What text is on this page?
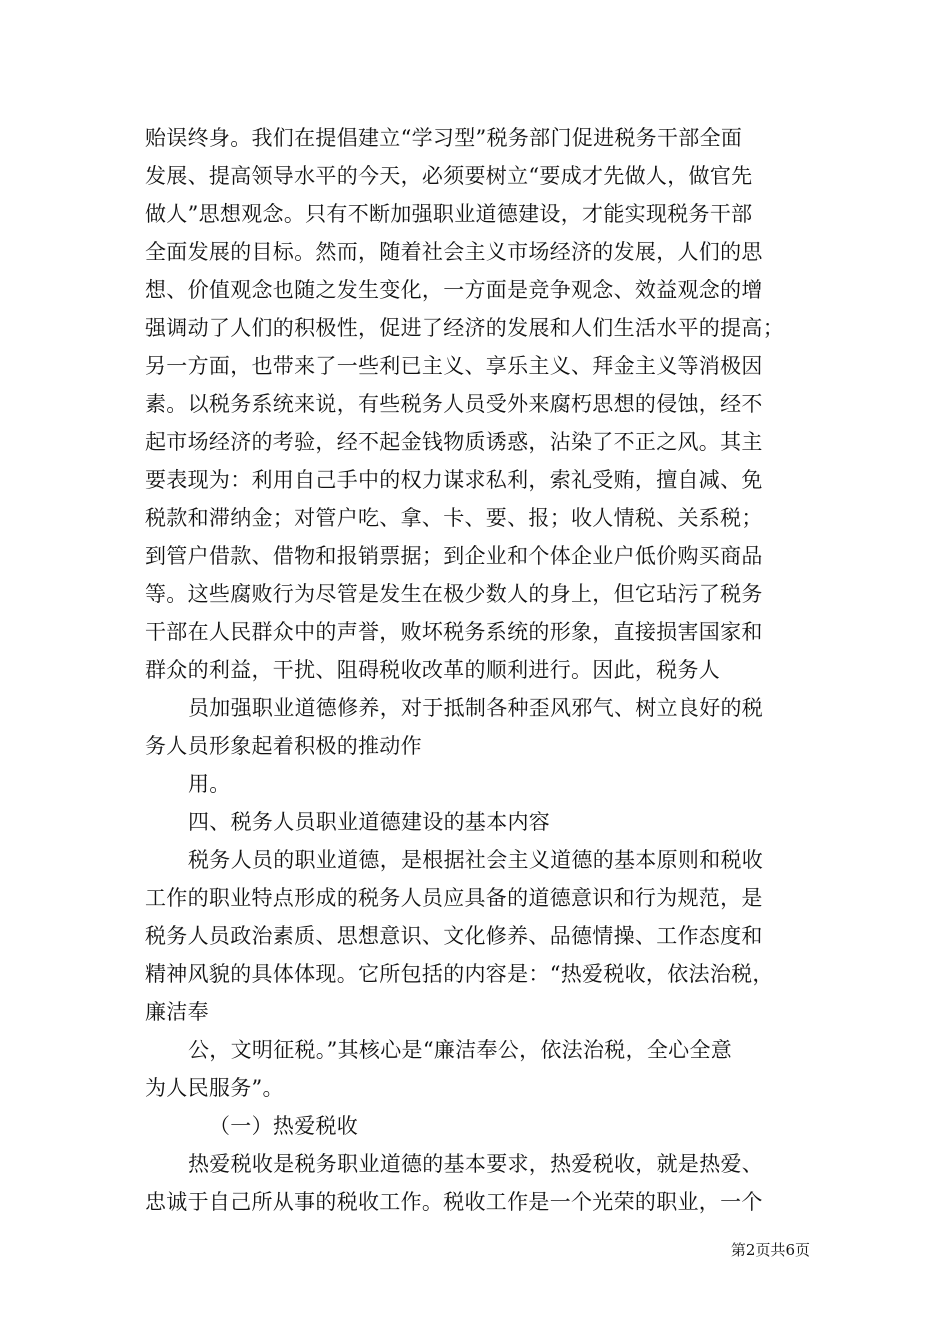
贻误终身。我们在提倡建立“学习型”税务部门促进税务干部全面
发展、提高领导水平的今天，必须要树立“要成才先做人，做官先
做人”思想观念。只有不断加强职业道德建设，才能实现税务干部
全面发展的目标。然而，随着社会主义市场经济的发展，人们的思
想、价值观念也随之发生变化，一方面是竞争观念、效益观念的增
强调动了人们的积极性，促进了经济的发展和人们生活水平的提高；
另一方面，也带来了一些利已主义、享乐主义、拜金主义等消极因
素。以税务系统来说，有些税务人员受外来腐朽思想的侵蚀，经不
起市场经济的考验，经不起金钱物质诱惑，沾染了不正之风。其主
要表现为：利用自己手中的权力谋求私利，索礼受贿，擅自减、免
税款和滞纳金；对管户吃、拿、卡、要、报；收人情税、关系税；
到管户借款、借物和报销票据；到企业和个体企业户低价购买商品
等。这些腐败行为尽管是发生在极少数人的身上，但它玷污了税务
干部在人民群众中的声誉，败坏税务系统的形象，直接损害国家和
群众的利益，干扰、阻碍税收改革的顺利进行。因此，税务人
员加强职业道德修养，对于抵制各种歪风邪气、树立良好的税
务人员形象起着积极的推动作
用。
四、税务人员职业道德建设的基本内容
税务人员的职业道德，是根据社会主义道德的基本原则和税收
工作的职业特点形成的税务人员应具备的道德意识和行为规范，是
税务人员政治素质、思想意识、文化修养、品德情操、工作态度和
精神风貌的具体体现。它所包括的内容是：“热爱税收，依法治税，
廉洁奉
公，文明征税。”其核心是“廉洁奉公，依法治税，全心全意
为人民服务”。
（一）热爱税收
热爱税收是税务职业道德的基本要求，热爱税收，就是热爱、
忠诚于自己所从事的税收工作。税收工作是一个光荣的职业，一个
第2页共6页
